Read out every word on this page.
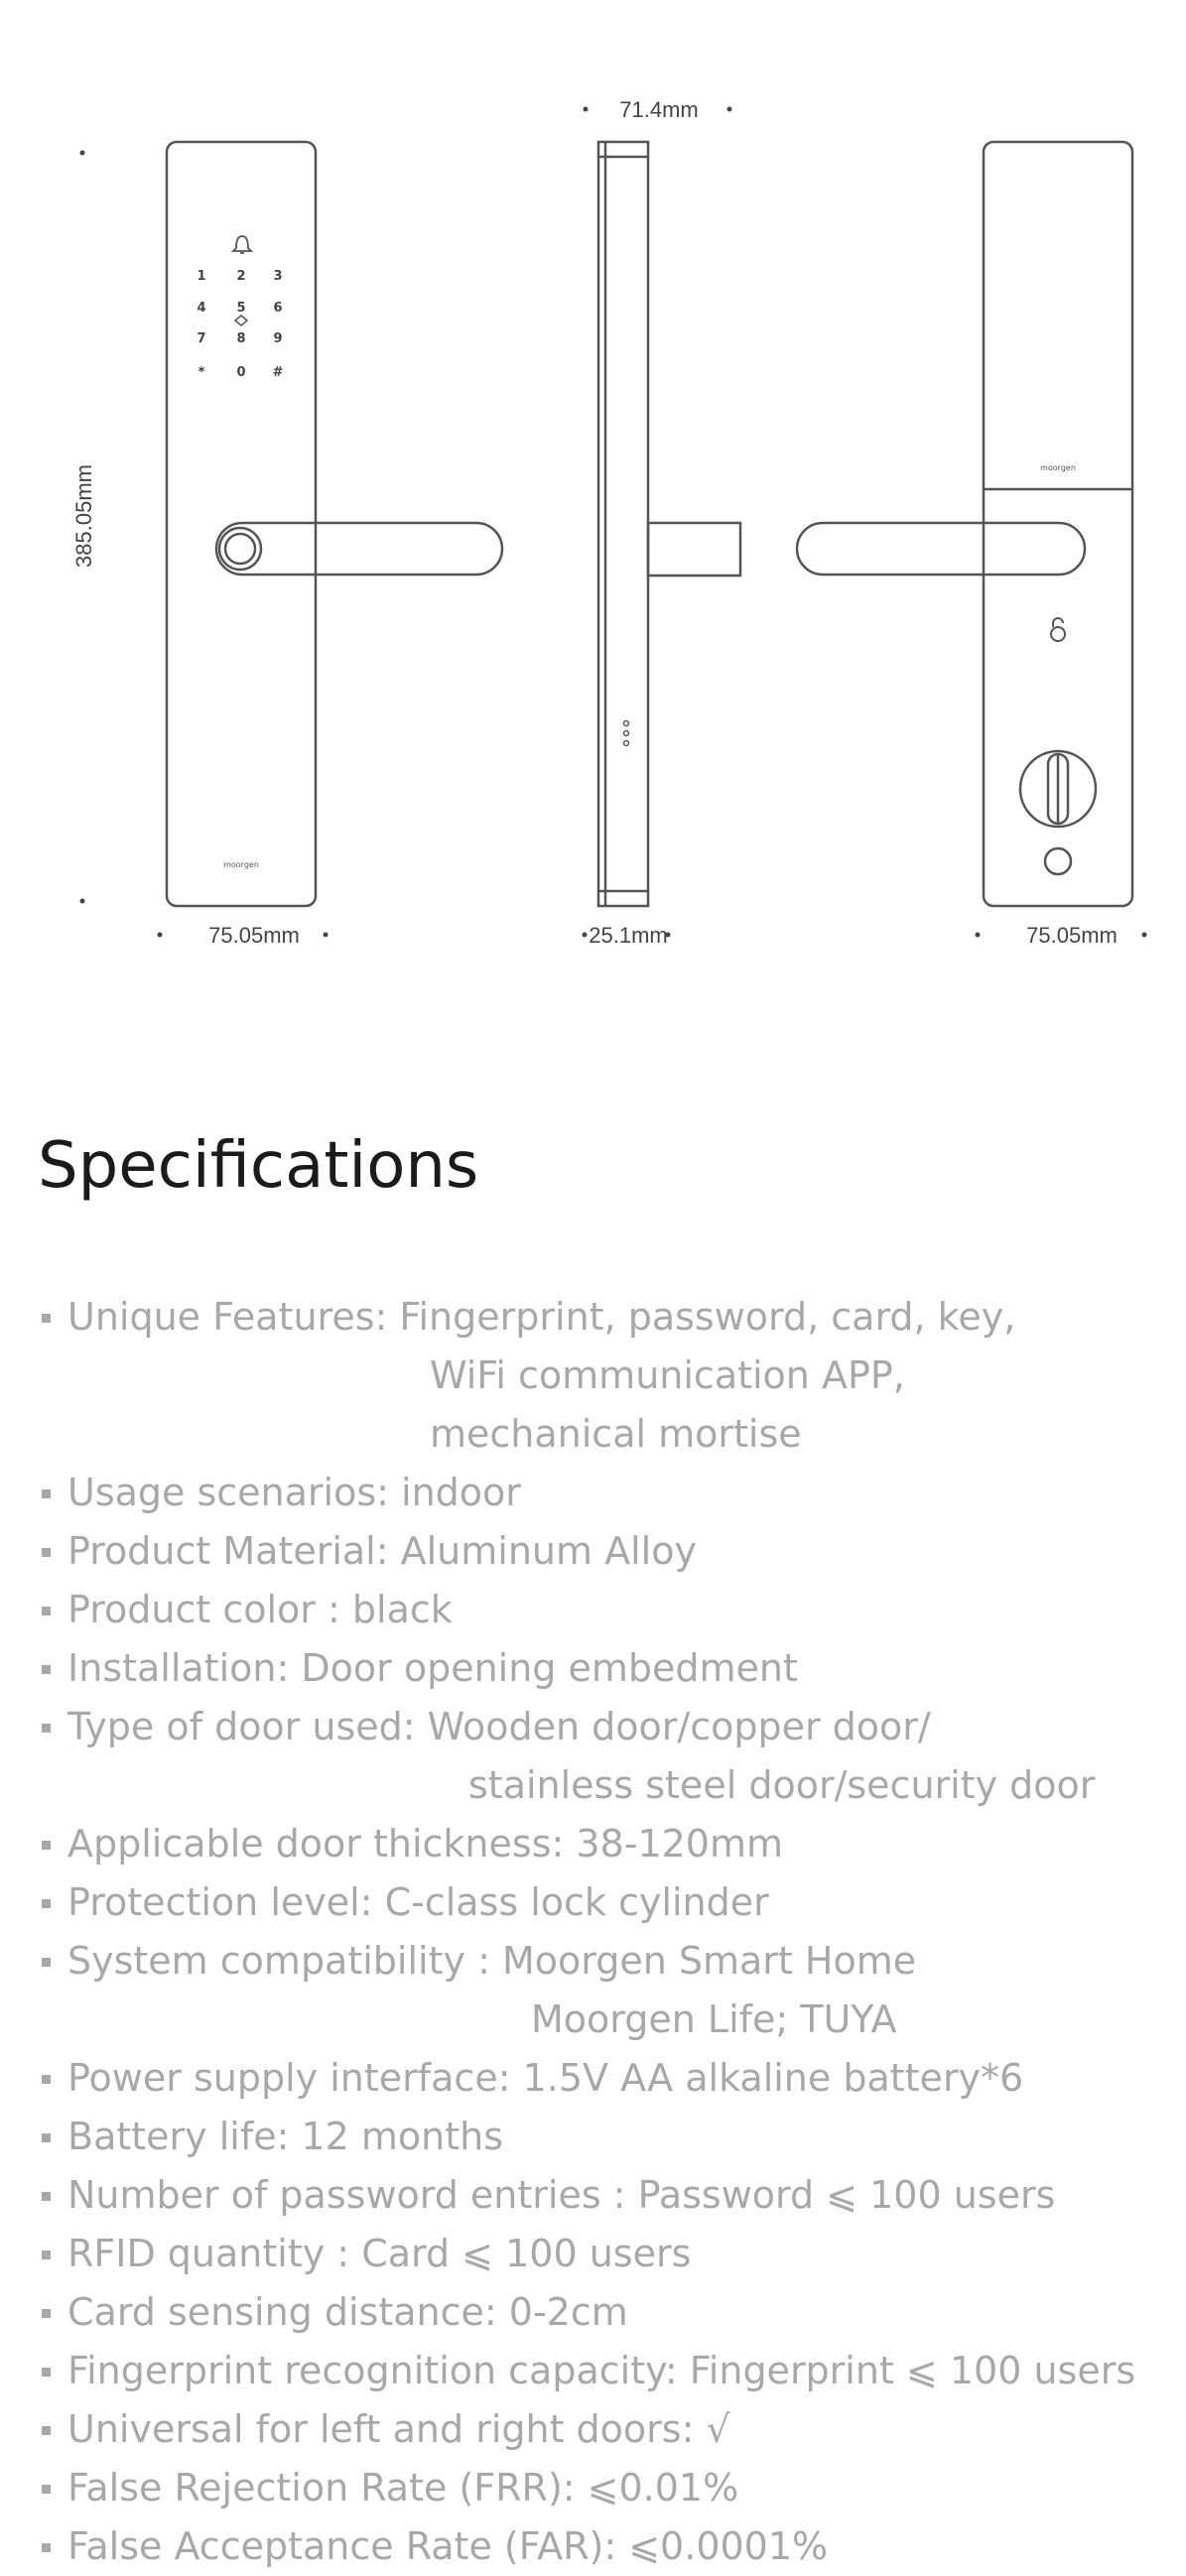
1 2 3
4 5 6
7 8 9
* 0 #
moorgen
moorgen
71.4mm
385.05mm
75.05mm	25.1mm	75.05mm
Specifications
Unique Features: Fingerprint, password, card, key,
WiFi communication APP,
mechanical mortise
Usage scenarios: indoor
Product Material: Aluminum Alloy
Product color : black
Installation: Door opening embedment
Type of door used: Wooden door/copper door/
stainless steel door/security door
Applicable door thickness: 38-120mm
Protection level: C-class lock cylinder
System compatibility : Moorgen Smart Home
Moorgen Life; TUYA
Power supply interface: 1.5V AA alkaline battery*6
Battery life: 12 months
Number of password entries : Password ⩽ 100 users
RFID quantity : Card ⩽ 100 users
Card sensing distance: 0-2cm
Fingerprint recognition capacity: Fingerprint ⩽ 100 users
Universal for left and right doors: √
False Rejection Rate (FRR): ⩽0.01%
False Acceptance Rate (FAR): ⩽0.0001%
